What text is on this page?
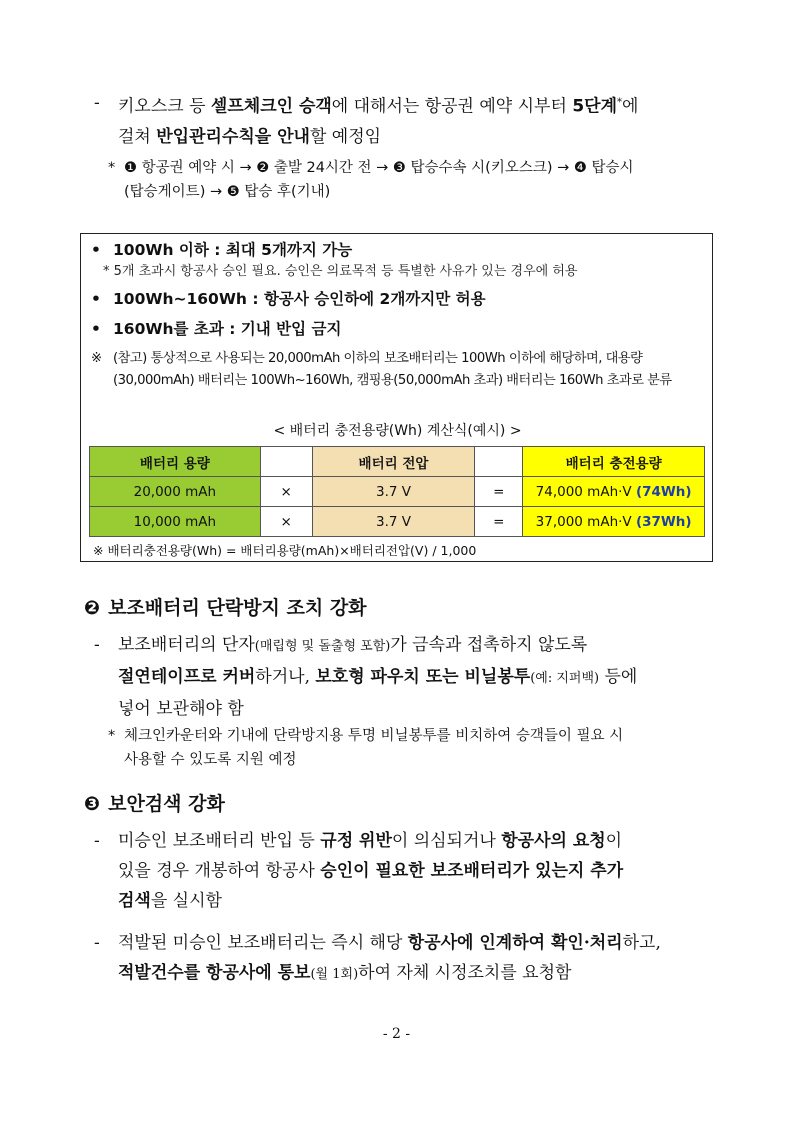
- 키오스크 등 셀프체크인 승객에 대해서는 항공권 예약 시부터 5단계*에
걸쳐 반입관리수칙을 안내할 예정임
* ❶ 항공권 예약 시 → ❷ 출발 24시간 전 → ❸ 탑승수속 시(키오스크) → ❹ 탑승시
(탑승게이트) → ❺ 탑승 후(기내)
• 100Wh 이하 : 최대 5개까지 가능
* 5개 초과시 항공사 승인 필요. 승인은 의료목적 등 특별한 사유가 있는 경우에 허용
• 100Wh~160Wh : 항공사 승인하에 2개까지만 허용
• 160Wh를 초과 : 기내 반입 금지
※ (참고) 통상적으로 사용되는 20,000mAh 이하의 보조배터리는 100Wh 이하에 해당하며, 대용량
(30,000mAh) 배터리는 100Wh~160Wh, 캠핑용(50,000mAh 초과) 배터리는 160Wh 초과로 분류
< 배터리 충전용량(Wh) 계산식(예시) >
배터리 용량		배터리 전압		배터리 충전용량
20,000 mAh	×	3.7 V	=	74,000 mAh·V (74Wh)
10,000 mAh	×	3.7 V	=	37,000 mAh·V (37Wh)
※ 배터리충전용량(Wh) = 배터리용량(mAh)×배터리전압(V) / 1,000
❷ 보조배터리 단락방지 조치 강화
- 보조배터리의 단자(매립형 및 돌출형 포함)가 금속과 접촉하지 않도록
절연테이프로 커버하거나, 보호형 파우치 또는 비닐봉투(예: 지퍼백) 등에
넣어 보관해야 함
* 체크인카운터와 기내에 단락방지용 투명 비닐봉투를 비치하여 승객들이 필요 시
사용할 수 있도록 지원 예정
❸ 보안검색 강화
- 미승인 보조배터리 반입 등 규정 위반이 의심되거나 항공사의 요청이
있을 경우 개봉하여 항공사 승인이 필요한 보조배터리가 있는지 추가
검색을 실시함
- 적발된 미승인 보조배터리는 즉시 해당 항공사에 인계하여 확인·처리하고,
적발건수를 항공사에 통보(월 1회)하여 자체 시정조치를 요청함
- 2 -
